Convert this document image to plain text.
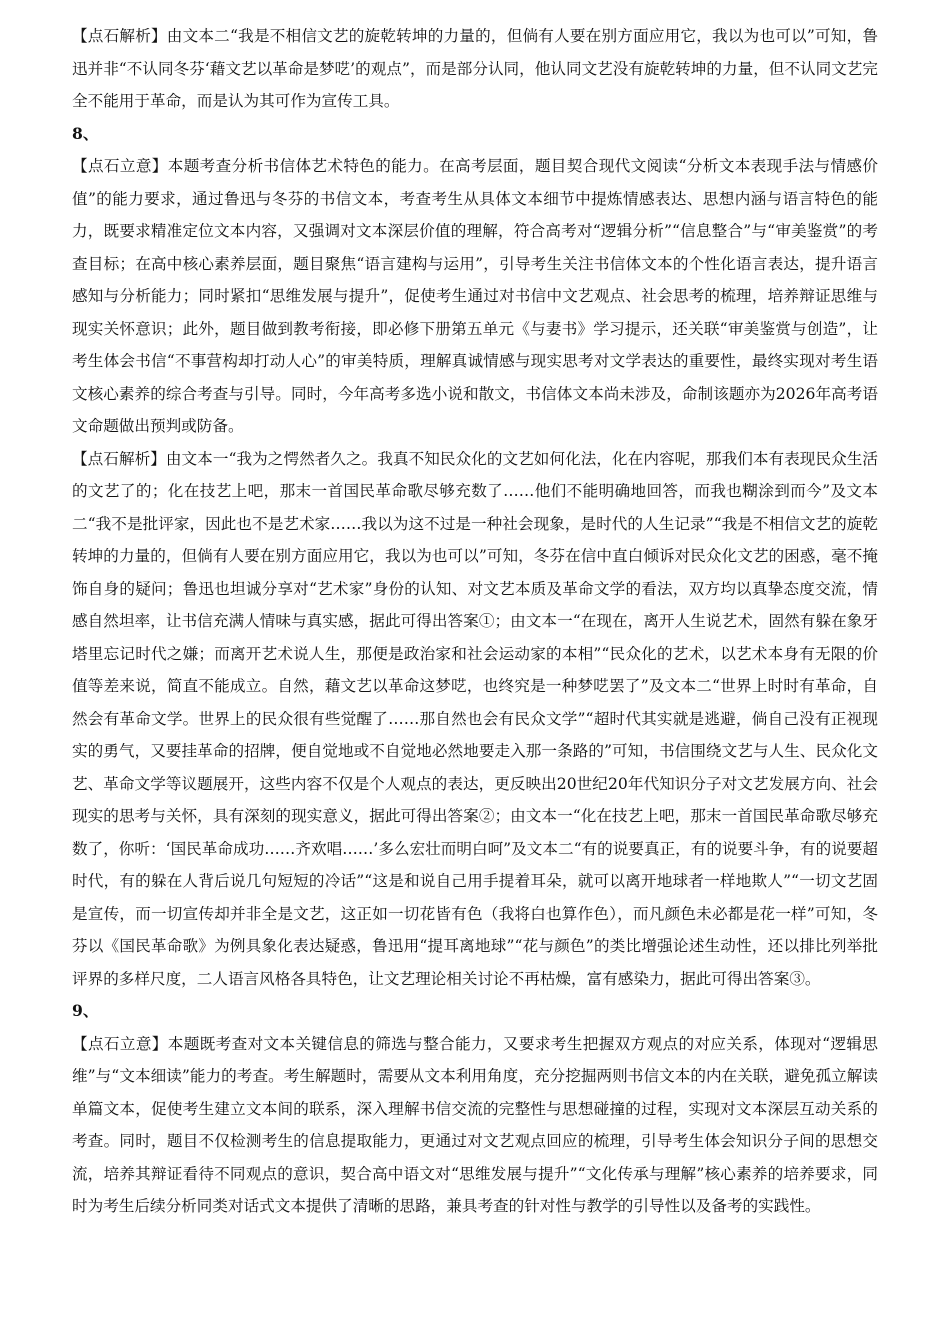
【点石解析】由文本二“我是不相信文艺的旋乾转坤的力量的，但倘有人要在别方面应用它，我以为也可以”可知，鲁迅并非“不认同冬芬‘藉文艺以革命是梦呓’的观点”，而是部分认同，他认同文艺没有旋乾转坤的力量，但不认同文艺完全不能用于革命，而是认为其可作为宣传工具。

8、

【点石立意】本题考查分析书信体艺术特色的能力。在高考层面，题目契合现代文阅读“分析文本表现手法与情感价值”的能力要求，通过鲁迅与冬芬的书信文本，考查考生从具体文本细节中提炼情感表达、思想内涵与语言特色的能力，既要求精准定位文本内容，又强调对文本深层价值的理解，符合高考对“逻辑分析”“信息整合”与“审美鉴赏”的考查目标；在高中核心素养层面，题目聚焦“语言建构与运用”，引导考生关注书信体文本的个性化语言表达，提升语言感知与分析能力；同时紧扣“思维发展与提升”，促使考生通过对书信中文艺观点、社会思考的梳理，培养辩证思维与现实关怀意识；此外，题目做到教考衔接，即必修下册第五单元《与妻书》学习提示，还关联“审美鉴赏与创造”，让考生体会书信“不事营构却打动人心”的审美特质，理解真诚情感与现实思考对文学表达的重要性，最终实现对考生语文核心素养的综合考查与引导。同时，今年高考多选小说和散文，书信体文本尚未涉及，命制该题亦为2026年高考语文命题做出预判或防备。

【点石解析】由文本一“我为之愕然者久之。我真不知民众化的文艺如何化法，化在内容呢，那我们本有表现民众生活的文艺了的；化在技艺上吧，那末一首国民革命歌尽够充数了……他们不能明确地回答，而我也糊涂到而今”及文本二“我不是批评家，因此也不是艺术家……我以为这不过是一种社会现象，是时代的人生记录”“我是不相信文艺的旋乾转坤的力量的，但倘有人要在别方面应用它，我以为也可以”可知，冬芬在信中直白倾诉对民众化文艺的困惑，毫不掩饰自身的疑问；鲁迅也坦诚分享对“艺术家”身份的认知、对文艺本质及革命文学的看法，双方均以真挚态度交流，情感自然坦率，让书信充满人情味与真实感，据此可得出答案①；由文本一“在现在，离开人生说艺术，固然有躲在象牙塔里忘记时代之嫌；而离开艺术说人生，那便是政治家和社会运动家的本相”“民众化的艺术，以艺术本身有无限的价值等差来说，简直不能成立。自然，藉文艺以革命这梦呓，也终究是一种梦呓罢了”及文本二“世界上时时有革命，自然会有革命文学。世界上的民众很有些觉醒了……那自然也会有民众文学”“超时代其实就是逃避，倘自己没有正视现实的勇气，又要挂革命的招牌，便自觉地或不自觉地必然地要走入那一条路的”可知，书信围绕文艺与人生、民众化文艺、革命文学等议题展开，这些内容不仅是个人观点的表达，更反映出20世纪20年代知识分子对文艺发展方向、社会现实的思考与关怀，具有深刻的现实意义，据此可得出答案②；由文本一“化在技艺上吧，那末一首国民革命歌尽够充数了，你听：‘国民革命成功……齐欢唱……’多么宏壮而明白呵”及文本二“有的说要真正，有的说要斗争，有的说要超时代，有的躲在人背后说几句短短的冷话”“这是和说自己用手提着耳朵，就可以离开地球者一样地欺人”“一切文艺固是宣传，而一切宣传却并非全是文艺，这正如一切花皆有色（我将白也算作色），而凡颜色未必都是花一样”可知，冬芬以《国民革命歌》为例具象化表达疑惑，鲁迅用“提耳离地球”“花与颜色”的类比增强论述生动性，还以排比列举批评界的多样尺度，二人语言风格各具特色，让文艺理论相关讨论不再枯燥，富有感染力，据此可得出答案③。

9、

【点石立意】本题既考查对文本关键信息的筛选与整合能力，又要求考生把握双方观点的对应关系，体现对“逻辑思维”与“文本细读”能力的考查。考生解题时，需要从文本利用角度，充分挖掘两则书信文本的内在关联，避免孤立解读单篇文本，促使考生建立文本间的联系，深入理解书信交流的完整性与思想碰撞的过程，实现对文本深层互动关系的考查。同时，题目不仅检测考生的信息提取能力，更通过对文艺观点回应的梳理，引导考生体会知识分子间的思想交流，培养其辩证看待不同观点的意识，契合高中语文对“思维发展与提升”“文化传承与理解”核心素养的培养要求，同时为考生后续分析同类对话式文本提供了清晰的思路，兼具考查的针对性与教学的引导性以及备考的实践性。
